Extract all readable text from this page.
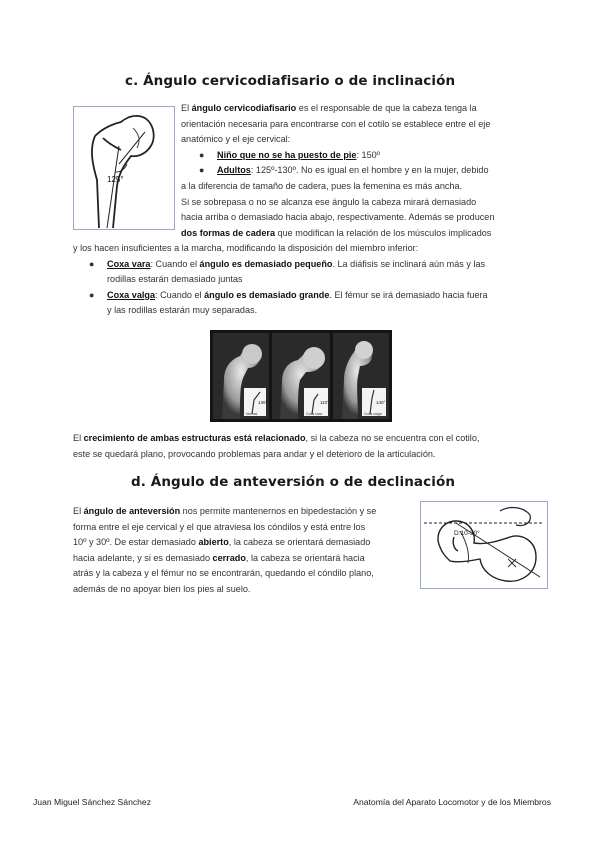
c. Ángulo cervicodiafisario o de inclinación
125°

El ángulo cervicodiafisario es el responsable de que la cabeza tenga la

orientación necesaria para encontrarse con el cotilo se establece entre el eje

anatómico y el eje cervical:

● Niño que no se ha puesto de pie: 150º

● Adultos: 125º-130º. No es igual en el hombre y en la mujer, debido

a la diferencia de tamaño de cadera, pues la femenina es más ancha.

Si se sobrepasa o no se alcanza ese ángulo la cabeza mirará demasiado

hacia arriba o demasiado hacia abajo, respectivamente. Además se producen

dos formas de cadera que modifican la relación de los músculos implicados

y los hacen insuficientes a la marcha, modificando la disposición del miembro inferior:

● Coxa vara: Cuando el ángulo es demasiado pequeño. La diáfisis se inclinará aún más y las

rodillas estarán demasiado juntas

● Coxa valga: Cuando el ángulo es demasiado grande. El fémur se irá demasiado hacia fuera

y las rodillas estarán muy separadas.

130°
Normal
110°
Coxa vara
140°
Coxa valga

El crecimiento de ambas estructuras está relacionado, si la cabeza no se encuentra con el cotilo,

este se quedará plano, provocando problemas para andar y el deterioro de la articulación.

d. Ángulo de anteversión o de declinación

El ángulo de anteversión nos permite mantenernos en bipedestación y se

forma entre el eje cervical y el que atraviesa los cóndilos y está entre los

10º y 30º. De estar demasiado abierto, la cabeza se orientará demasiado

hacia adelante, y si es demasiado cerrado, la cabeza se orientará hacia

atrás y la cabeza y el fémur no se encontrarán, quedando el cóndilo plano,

además de no apoyar bien los pies al suelo.

D:10-30°
Juan Miguel Sánchez Sánchez	Anatomía del Aparato Locomotor y de los Miembros
